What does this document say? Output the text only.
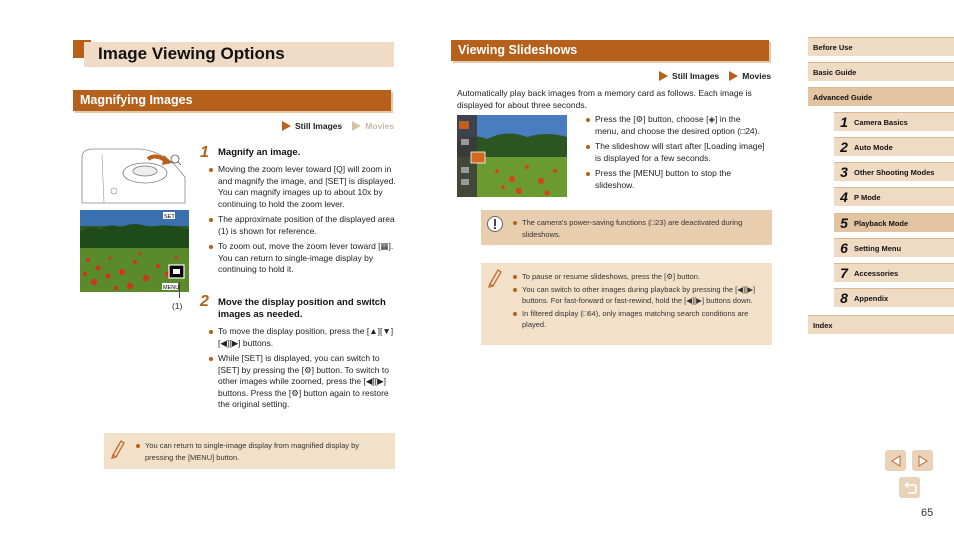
Image Viewing Options
Magnifying Images
Still Images	Movies
SET
MENU
(1)
1 Magnify an image.
Moving the zoom lever toward [Q] will zoom in and magnify the image, and [SET] is displayed. You can magnify images up to about 10x by continuing to hold the zoom lever.
The approximate position of the displayed area (1) is shown for reference.
To zoom out, move the zoom lever toward [▦]. You can return to single-image display by continuing to hold it.
2 Move the display position and switch images as needed.
To move the display position, press the [▲][▼][◀][▶] buttons.
While [SET] is displayed, you can switch to [SET] by pressing the [⚙] button. To switch to other images while zoomed, press the [◀][▶] buttons. Press the [⚙] button again to restore the original setting.
You can return to single-image display from magnified display by pressing the [MENU] button.
Viewing Slideshows
Still Images	Movies
Automatically play back images from a memory card as follows. Each image is displayed for about three seconds.
Press the [⚙] button, choose [◈] in the menu, and choose the desired option (□24).
The slideshow will start after [Loading image] is displayed for a few seconds.
Press the [MENU] button to stop the slideshow.
The camera's power-saving functions (□23) are deactivated during slideshows.
To pause or resume slideshows, press the [⚙] button.
You can switch to other images during playback by pressing the [◀][▶] buttons. For fast-forward or fast-rewind, hold the [◀][▶] buttons down.
In filtered display (□64), only images matching search conditions are played.
Before Use
Basic Guide
Advanced Guide
1 Camera Basics
2 Auto Mode
3 Other Shooting Modes
4 P Mode
5 Playback Mode
6 Setting Menu
7 Accessories
8 Appendix
Index
65
